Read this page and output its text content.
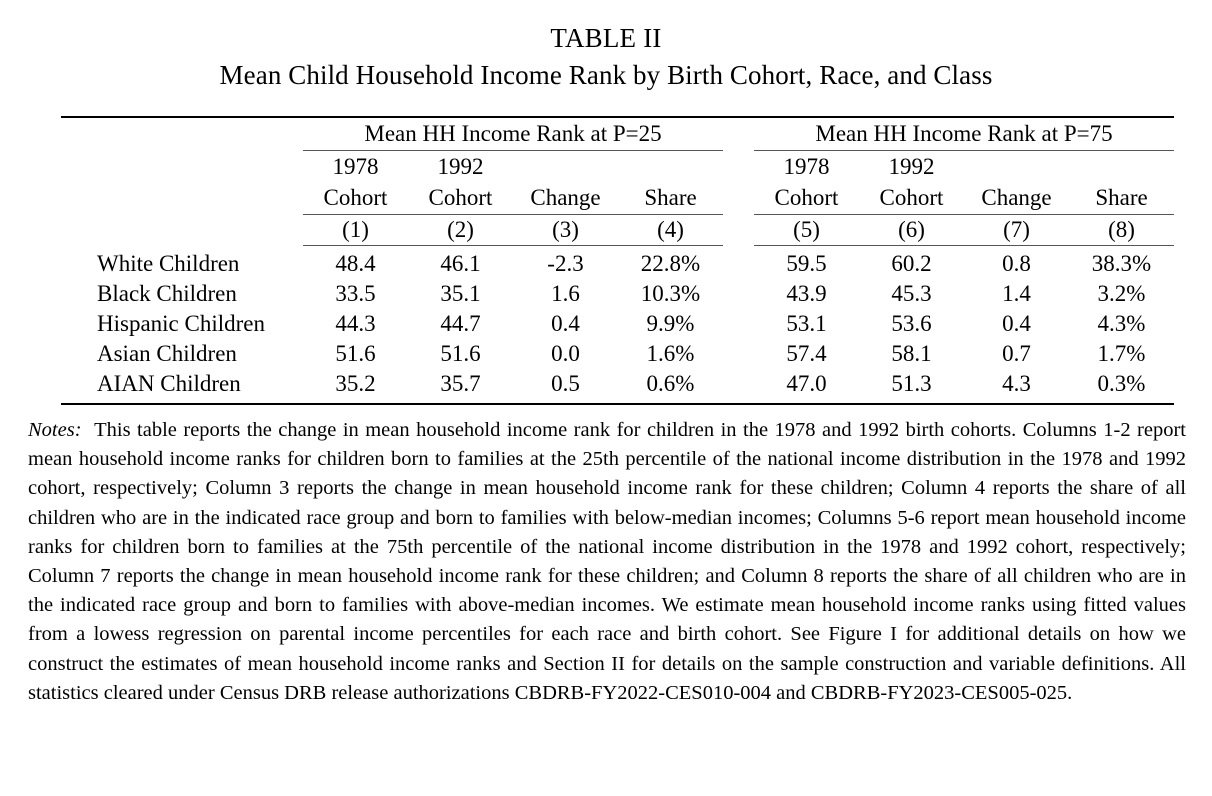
TABLE II
Mean Child Household Income Rank by Birth Cohort, Race, and Class

	Mean HH Income Rank at P=25					Mean HH Income Rank at P=75			

	1978	1992				1978	1992		
	Cohort	Cohort	Change	Share		Cohort	Cohort	Change	Share

	(1)	(2)	(3)	(4)		(5)	(6)	(7)	(8)

White Children	48.4	46.1	-2.3	22.8%		59.5	60.2	0.8	38.3%
Black Children	33.5	35.1	1.6	10.3%		43.9	45.3	1.4	3.2%
Hispanic Children	44.3	44.7	0.4	9.9%		53.1	53.6	0.4	4.3%
Asian Children	51.6	51.6	0.0	1.6%		57.4	58.1	0.7	1.7%
AIAN Children	35.2	35.7	0.5	0.6%		47.0	51.3	4.3	0.3%

Notes: This table reports the change in mean household income rank for children in the 1978 and 1992 birth cohorts. Columns 1-2 report mean household income ranks for children born to families at the 25th percentile of the national income distribution in the 1978 and 1992 cohort, respectively; Column 3 reports the change in mean household income rank for these children; Column 4 reports the share of all children who are in the indicated race group and born to families with below-median incomes; Columns 5-6 report mean household income ranks for children born to families at the 75th percentile of the national income distribution in the 1978 and 1992 cohort, respectively; Column 7 reports the change in mean household income rank for these children; and Column 8 reports the share of all children who are in the indicated race group and born to families with above-median incomes. We estimate mean household income ranks using fitted values from a lowess regression on parental income percentiles for each race and birth cohort. See Figure I for additional details on how we construct the estimates of mean household income ranks and Section II for details on the sample construction and variable definitions. All statistics cleared under Census DRB release authorizations CBDRB-FY2022-CES010-004 and CBDRB-FY2023-CES005-025.
